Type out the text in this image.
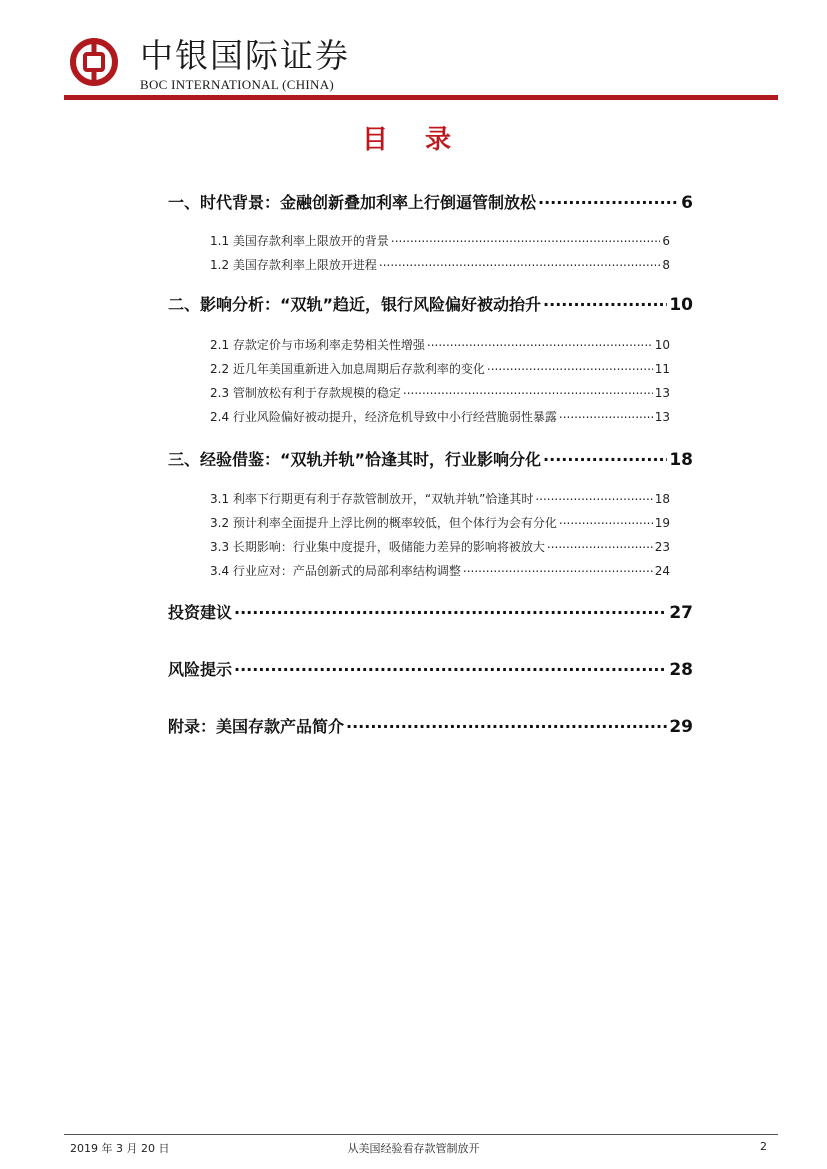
中银国际证券
BOC INTERNATIONAL (CHINA)
目 录
一、时代背景：金融创新叠加利率上行倒逼管制放松 .....	6
1.1 美国存款利率上限放开的背景 .....	6
1.2 美国存款利率上限放开进程 .....	8
二、影响分析：“双轨”趋近，银行风险偏好被动抬升 .....	10
2.1 存款定价与市场利率走势相关性增强 .....	10
2.2 近几年美国重新进入加息周期后存款利率的变化 .....	11
2.3 管制放松有利于存款规模的稳定 .....	13
2.4 行业风险偏好被动提升，经济危机导致中小行经营脆弱性暴露 .....	13
三、经验借鉴：“双轨并轨”恰逢其时，行业影响分化 .....	18
3.1 利率下行期更有利于存款管制放开，“双轨并轨”恰逢其时 .....	18
3.2 预计利率全面提升上浮比例的概率较低，但个体行为会有分化 .....	19
3.3 长期影响：行业集中度提升，吸储能力差异的影响将被放大 .....	23
3.4 行业应对：产品创新式的局部利率结构调整 .....	24
投资建议 .....	27
风险提示 .....	28
附录：美国存款产品简介 .....	29
2019 年 3 月 20 日	从美国经验看存款管制放开	2
